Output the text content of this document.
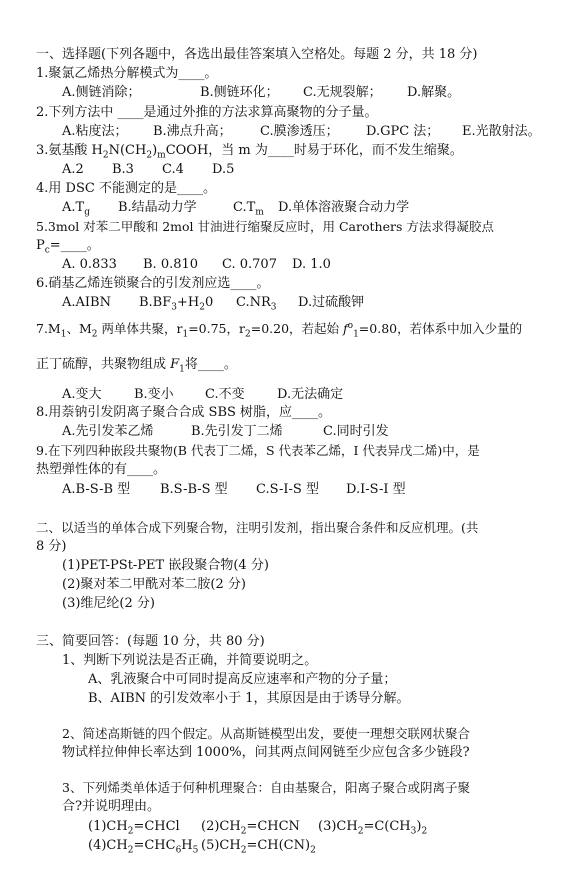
一、选择题(下列各题中，各选出最佳答案填入空格处。每题 2 分，共 18 分)
1.聚氯乙烯热分解模式为____。
A.侧链消除；	B.侧链环化； C.无规裂解； D.解聚。
2.下列方法中 ____是通过外推的方法求算高聚物的分子量。
A.粘度法； B.沸点升高； C.膜渗透压； D.GPC 法； E.光散射法。
3.氨基酸 $H_2N(CH_2)_mCOOH$，当 m 为____时易于环化，而不发生缩聚。
A.2 B.3 C.4 D.5
4.用 DSC 不能测定的是____。
$A.T_g$ B.结晶动力学	$C.T_m$ D.单体溶液聚合动力学
5.3mol 对苯二甲酸和 2mol 甘油进行缩聚反应时，用 Carothers 方法求得凝胶点
$P_c=\_\_\_\_$。
A. 0.833 B. 0.810 C. 0.707 D. 1.0
6.硝基乙烯连锁聚合的引发剂应选____。
A.AIBN $B.BF_3+H_20$ $C.NR_3$ D.过硫酸钾
$7.M_1$、$M_2$ 两单体共聚，$r_1=0.75$，$r_2=0.20$，若起始 $f^o_1=0.80$，若体系中加入少量的
正丁硫醇，共聚物组成 $F_1$将____。
A.变大 B.变小 C.不变 D.无法确定
8.用萘钠引发阴离子聚合合成 SBS 树脂，应____。
A.先引发苯乙烯	B.先引发丁二烯	C.同时引发
9.在下列四种嵌段共聚物(B 代表丁二烯，S 代表苯乙烯，I 代表异戊二烯)中，是
热塑弹性体的有____。
A.B-S-B 型 B.S-B-S 型 C.S-I-S 型 D.I-S-I 型
二、以适当的单体合成下列聚合物，注明引发剂，指出聚合条件和反应机理。(共
8 分)
(1)PET-PSt-PET 嵌段聚合物(4 分)
(2)聚对苯二甲酰对苯二胺(2 分)
(3)维尼纶(2 分)
三、简要回答：(每题 10 分，共 80 分)
1、判断下列说法是否正确，并简要说明之。
A、乳液聚合中可同时提高反应速率和产物的分子量；
B、AIBN 的引发效率小于 1，其原因是由于诱导分解。
2、简述高斯链的四个假定。从高斯链模型出发，要使一理想交联网状聚合
物试样拉伸伸长率达到 1000%，问其两点间网链至少应包含多少链段?
3、下列烯类单体适于何种机理聚合：自由基聚合，阳离子聚合或阴离子聚
合?并说明理由。
$(1)CH_2=CHCl$ $(2)CH_2=CHCN$ $(3)CH_2=C(CH_3)_2$
$(4)CH_2=CHC_6H_5$ $(5)CH_2=CH(CN)_2$
